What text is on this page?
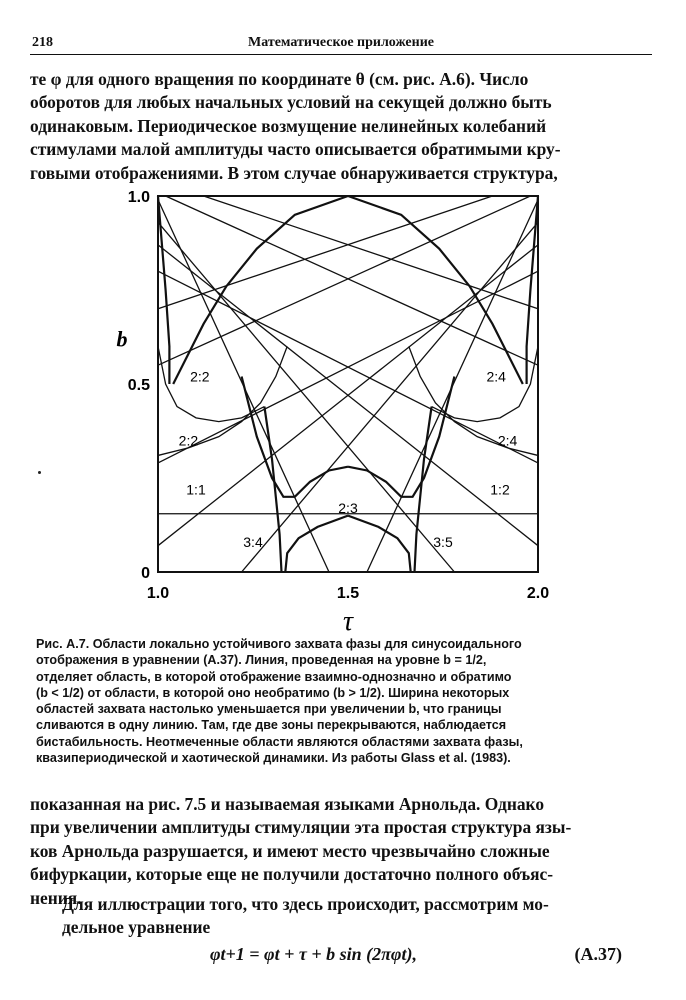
218	Математическое приложение

те φ для одного вращения по координате θ (см. рис. А.6). Число
оборотов для любых начальных условий на секущей должно быть
одинаковым. Периодическое возмущение нелинейных колебаний
стимулами малой амплитуды часто описывается обратимыми кру-
говыми отображениями. В этом случае обнаруживается структура,

1.0	1.5	2.0
1.0
0.5
0
1:1	1:2
2:2	2:4
2:2	2:4
2:3
3:4	3:5
τ
b

Рис. А.7. Области локально устойчивого захвата фазы для синусоидального
отображения в уравнении (А.37). Линия, проведенная на уровне b = 1/2,
отделяет область, в которой отображение взаимно-однозначно и обратимо
(b < 1/2) от области, в которой оно необратимо (b > 1/2). Ширина некоторых
областей захвата настолько уменьшается при увеличении b, что границы
сливаются в одну линию. Там, где две зоны перекрываются, наблюдается
бистабильность. Неотмеченные области являются областями захвата фазы,
квазипериодической и хаотической динамики. Из работы Glass et al. (1983).

показанная на рис. 7.5 и называемая языками Арнольда. Однако
при увеличении амплитуды стимуляции эта простая структура язы-
ков Арнольда разрушается, и имеют место чрезвычайно сложные
бифуркации, которые еще не получили достаточно полного объяс-
нения.

Для иллюстрации того, что здесь происходит, рассмотрим мо-
дельное уравнение

φt+1 = φt + τ + b sin (2πφt),	(А.37)
